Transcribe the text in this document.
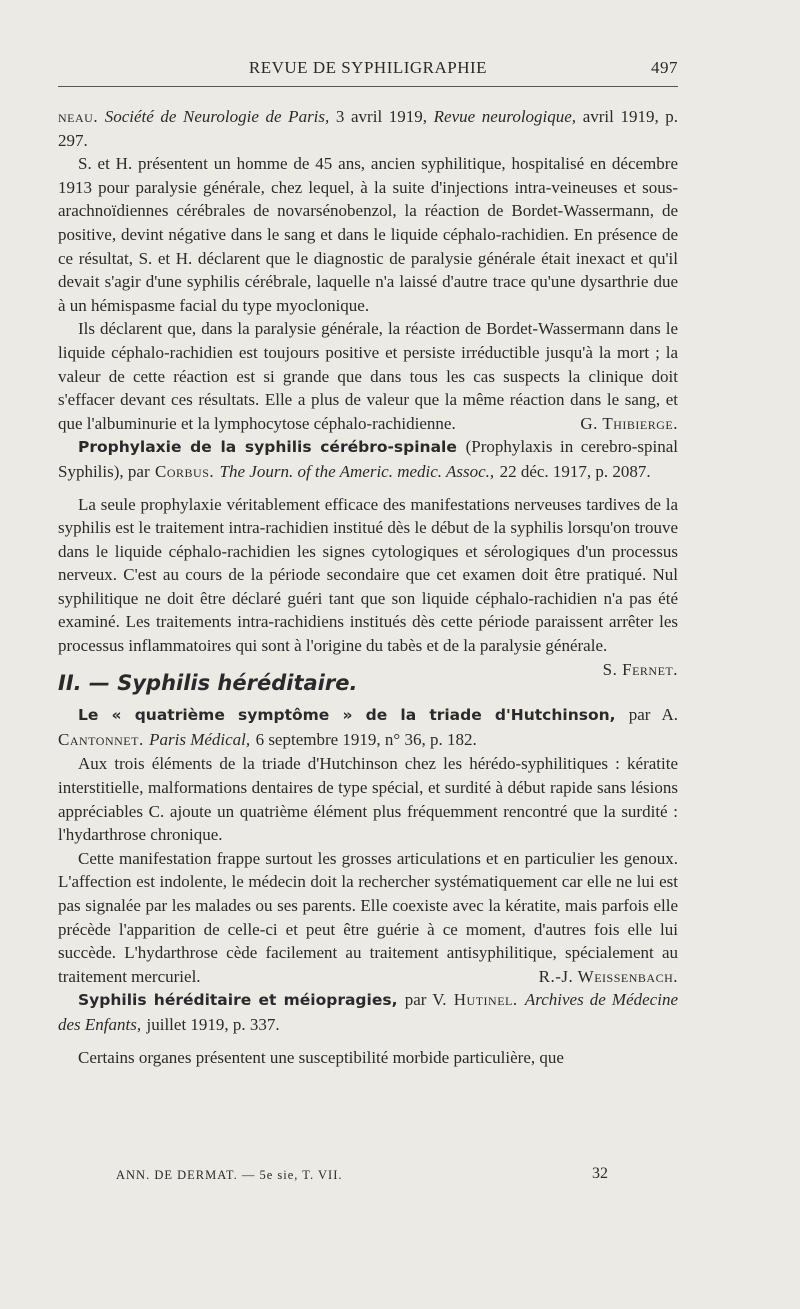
REVUE DE SYPHILIGRAPHIE	497

neau. Société de Neurologie de Paris, 3 avril 1919, Revue neurologique, avril 1919, p. 297.

S. et H. présentent un homme de 45 ans, ancien syphilitique, hospitalisé en décembre 1913 pour paralysie générale, chez lequel, à la suite d'injections intra-veineuses et sous-arachnoïdiennes cérébrales de novarsénobenzol, la réaction de Bordet-Wassermann, de positive, devint négative dans le sang et dans le liquide céphalo-rachidien. En présence de ce résultat, S. et H. déclarent que le diagnostic de paralysie générale était inexact et qu'il devait s'agir d'une syphilis cérébrale, laquelle n'a laissé d'autre trace qu'une dysarthrie due à un hémispasme facial du type myoclonique.

Ils déclarent que, dans la paralysie générale, la réaction de Bordet-Wassermann dans le liquide céphalo-rachidien est toujours positive et persiste irréductible jusqu'à la mort ; la valeur de cette réaction est si grande que dans tous les cas suspects la clinique doit s'effacer devant ces résultats. Elle a plus de valeur que la même réaction dans le sang, et que l'albuminurie et la lymphocytose céphalo-rachidienne.	G. Thibierge.

Prophylaxie de la syphilis cérébro-spinale (Prophylaxis in cerebro-spinal Syphilis), par Corbus. The Journ. of the Americ. medic. Assoc., 22 déc. 1917, p. 2087.

La seule prophylaxie véritablement efficace des manifestations nerveuses tardives de la syphilis est le traitement intra-rachidien institué dès le début de la syphilis lorsqu'on trouve dans le liquide céphalo-rachidien les signes cytologiques et sérologiques d'un processus nerveux. C'est au cours de la période secondaire que cet examen doit être pratiqué. Nul syphilitique ne doit être déclaré guéri tant que son liquide céphalo-rachidien n'a pas été examiné. Les traitements intra-rachidiens institués dès cette période paraissent arrêter les processus inflammatoires qui sont à l'origine du tabès et de la paralysie générale.
S. Fernet.

II. — Syphilis héréditaire.

Le « quatrième symptôme » de la triade d'Hutchinson, par A. Cantonnet. Paris Médical, 6 septembre 1919, n° 36, p. 182.

Aux trois éléments de la triade d'Hutchinson chez les hérédo-syphilitiques : kératite interstitielle, malformations dentaires de type spécial, et surdité à début rapide sans lésions appréciables C. ajoute un quatrième élément plus fréquemment rencontré que la surdité : l'hydarthrose chronique.

Cette manifestation frappe surtout les grosses articulations et en particulier les genoux. L'affection est indolente, le médecin doit la rechercher systématiquement car elle ne lui est pas signalée par les malades ou ses parents. Elle coexiste avec la kératite, mais parfois elle précède l'apparition de celle-ci et peut être guérie à ce moment, d'autres fois elle lui succède. L'hydarthrose cède facilement au traitement antisyphilitique, spécialement au traitement mercuriel.	R.-J. Weissenbach.

Syphilis héréditaire et méiopragies, par V. Hutinel. Archives de Médecine des Enfants, juillet 1919, p. 337.

Certains organes présentent une susceptibilité morbide particulière, que

ANN. DE DERMAT. — 5e sie, T. VII.	32
